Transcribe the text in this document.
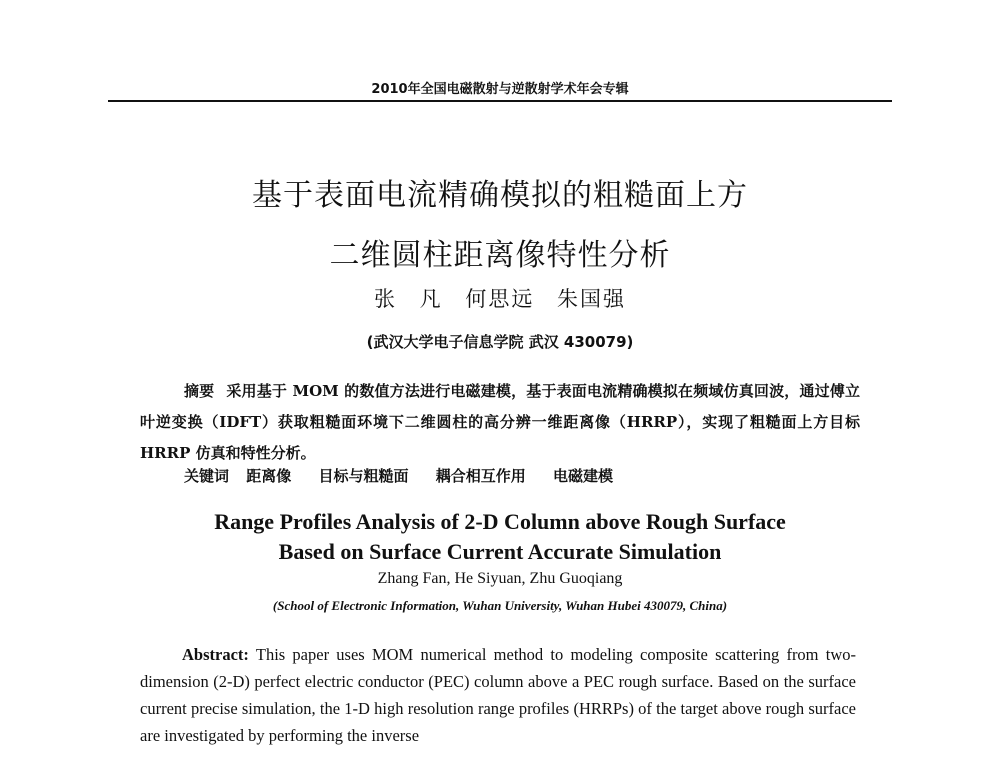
2010年全国电磁散射与逆散射学术年会专辑
基于表面电流精确模拟的粗糙面上方
二维圆柱距离像特性分析
张 凡 何思远 朱国强
(武汉大学电子信息学院 武汉 430079)
摘要 采用基于 MOM 的数值方法进行电磁建模，基于表面电流精确模拟在频域仿真回波，通过傅立叶逆变换（IDFT）获取粗糙面环境下二维圆柱的高分辨一维距离像（HRRP），实现了粗糙面上方目标 HRRP 仿真和特性分析。
关键词 距离像 目标与粗糙面 耦合相互作用 电磁建模
Range Profiles Analysis of 2-D Column above Rough Surface
Based on Surface Current Accurate Simulation
Zhang Fan, He Siyuan, Zhu Guoqiang
(School of Electronic Information, Wuhan University, Wuhan Hubei 430079, China)
Abstract: This paper uses MOM numerical method to modeling composite scattering from two-dimension (2-D) perfect electric conductor (PEC) column above a PEC rough surface. Based on the surface current precise simulation, the 1-D high resolution range profiles (HRRPs) of the target above rough surface are investigated by performing the inverse
